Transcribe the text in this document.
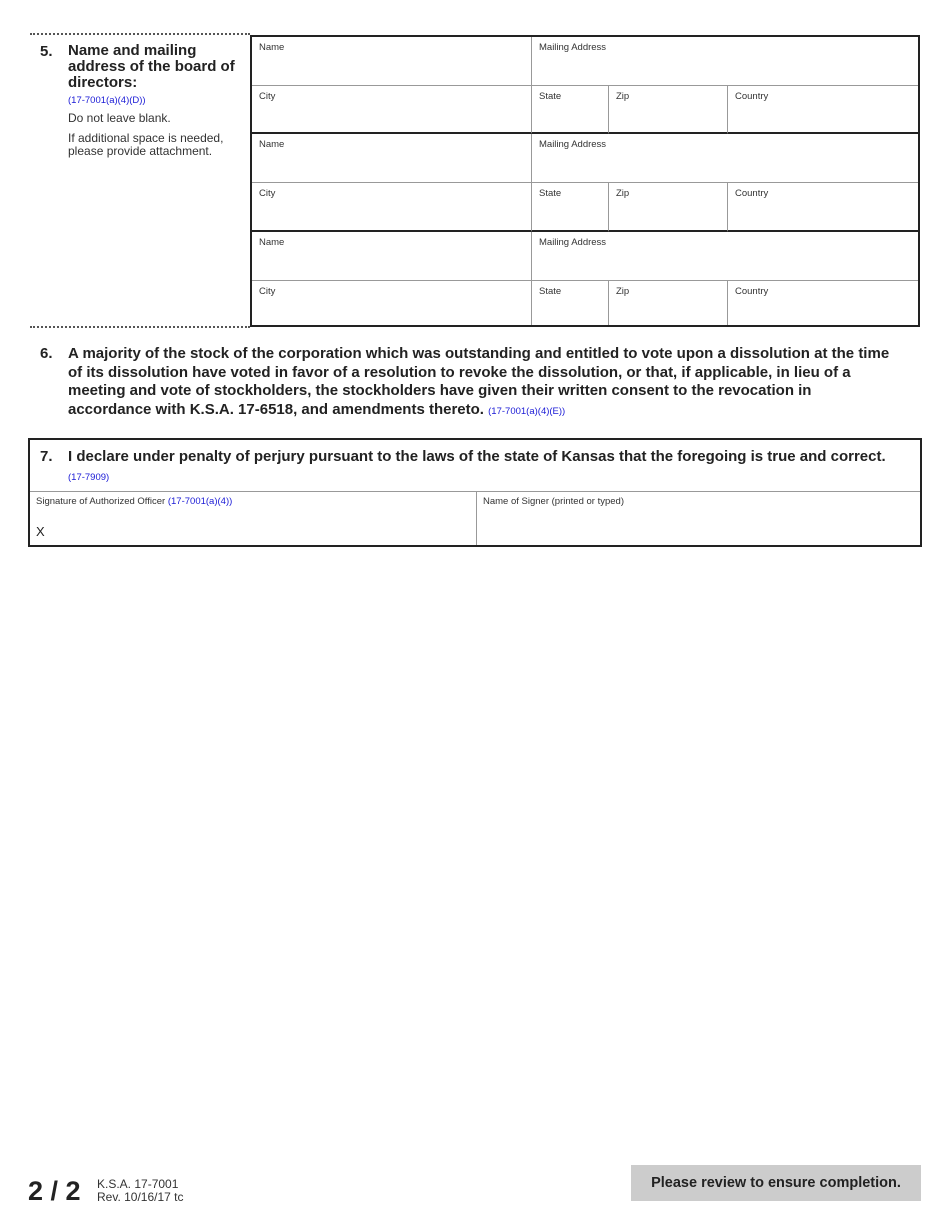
5. Name and mailing address of the board of directors:
(17-7001(a)(4)(D))
Do not leave blank.
If additional space is needed, please provide attachment.
Name	Mailing Address
City	State	Zip	Country
Name	Mailing Address
City	State	Zip	Country
Name	Mailing Address
City	State	Zip	Country
6. A majority of the stock of the corporation which was outstanding and entitled to vote upon a dissolution at the time of its dissolution have voted in favor of a resolution to revoke the dissolution, or that, if applicable, in lieu of a meeting and vote of stockholders, the stockholders have given their written consent to the revocation in accordance with K.S.A. 17-6518, and amendments thereto. (17-7001(a)(4)(E))
7. I declare under penalty of perjury pursuant to the laws of the state of Kansas that the foregoing is true and correct. (17-7909)
Signature of Authorized Officer (17-7001(a)(4))
X
Name of Signer (printed or typed)
2 / 2 K.S.A. 17-7001
Rev. 10/16/17 tc
Please review to ensure completion.
